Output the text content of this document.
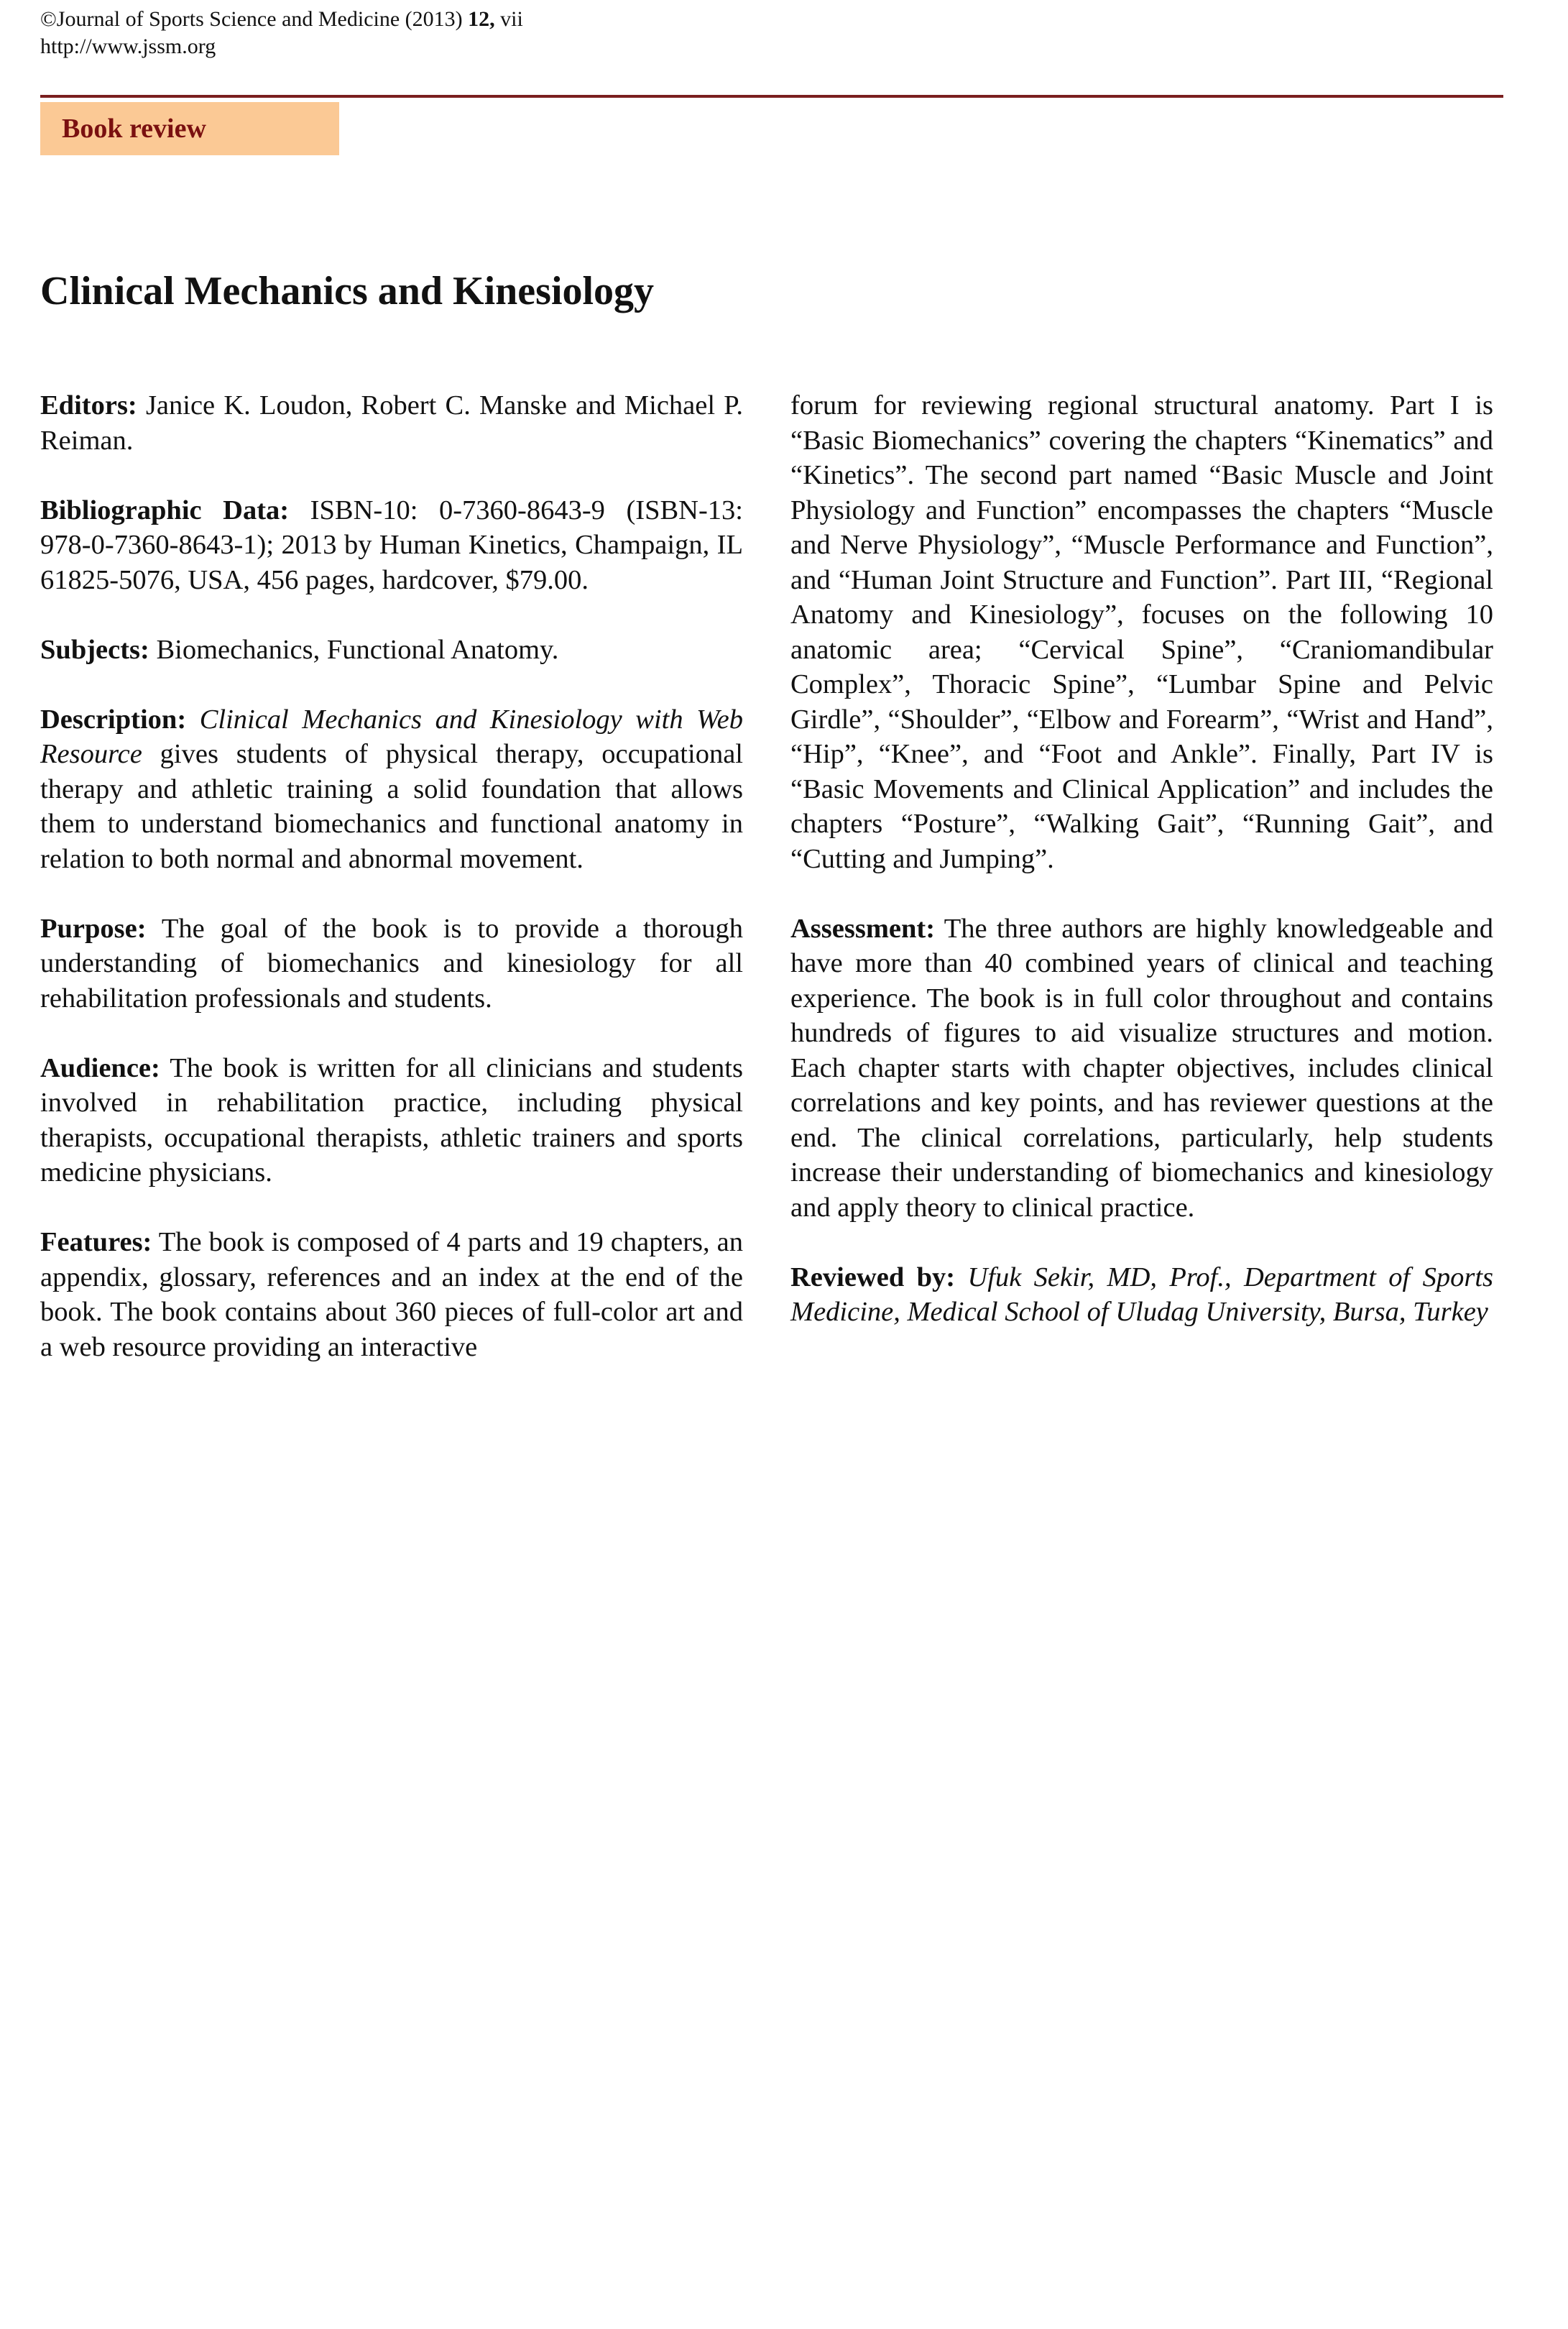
©Journal of Sports Science and Medicine (2013) 12, vii
http://www.jssm.org
Book review
Clinical Mechanics and Kinesiology

Editors: Janice K. Loudon, Robert C. Manske and Michael P. Reiman.

Bibliographic Data: ISBN-10: 0-7360-8643-9 (ISBN-13: 978-0-7360-8643-1); 2013 by Human Kinetics, Champaign, IL 61825-5076, USA, 456 pages, hardcover, $79.00.

Subjects: Biomechanics, Functional Anatomy.

Description: Clinical Mechanics and Kinesiology with Web Resource gives students of physical therapy, occupational therapy and athletic training a solid foundation that allows them to understand biomechanics and functional anatomy in relation to both normal and abnormal movement.

Purpose: The goal of the book is to provide a thorough understanding of biomechanics and kinesiology for all rehabilitation professionals and students.

Audience: The book is written for all clinicians and students involved in rehabilitation practice, including physical therapists, occupational therapists, athletic trainers and sports medicine physicians.

Features: The book is composed of 4 parts and 19 chapters, an appendix, glossary, references and an index at the end of the book. The book contains about 360 pieces of full-color art and a web resource providing an interactive

forum for reviewing regional structural anatomy. Part I is “Basic Biomechanics” covering the chapters “Kinematics” and “Kinetics”. The second part named “Basic Muscle and Joint Physiology and Function” encompasses the chapters “Muscle and Nerve Physiology”, “Muscle Performance and Function”, and “Human Joint Structure and Function”. Part III, “Regional Anatomy and Kinesiology”, focuses on the following 10 anatomic area; “Cervical Spine”, “Craniomandibular Complex”, Thoracic Spine”, “Lumbar Spine and Pelvic Girdle”, “Shoulder”, “Elbow and Forearm”, “Wrist and Hand”, “Hip”, “Knee”, and “Foot and Ankle”. Finally, Part IV is “Basic Movements and Clinical Application” and includes the chapters “Posture”, “Walking Gait”, “Running Gait”, and “Cutting and Jumping”.

Assessment: The three authors are highly knowledgeable and have more than 40 combined years of clinical and teaching experience. The book is in full color throughout and contains hundreds of figures to aid visualize structures and motion. Each chapter starts with chapter objectives, includes clinical correlations and key points, and has reviewer questions at the end. The clinical correlations, particularly, help students increase their understanding of biomechanics and kinesiology and apply theory to clinical practice.

Reviewed by: Ufuk Sekir, MD, Prof., Department of Sports Medicine, Medical School of Uludag University, Bursa, Turkey
